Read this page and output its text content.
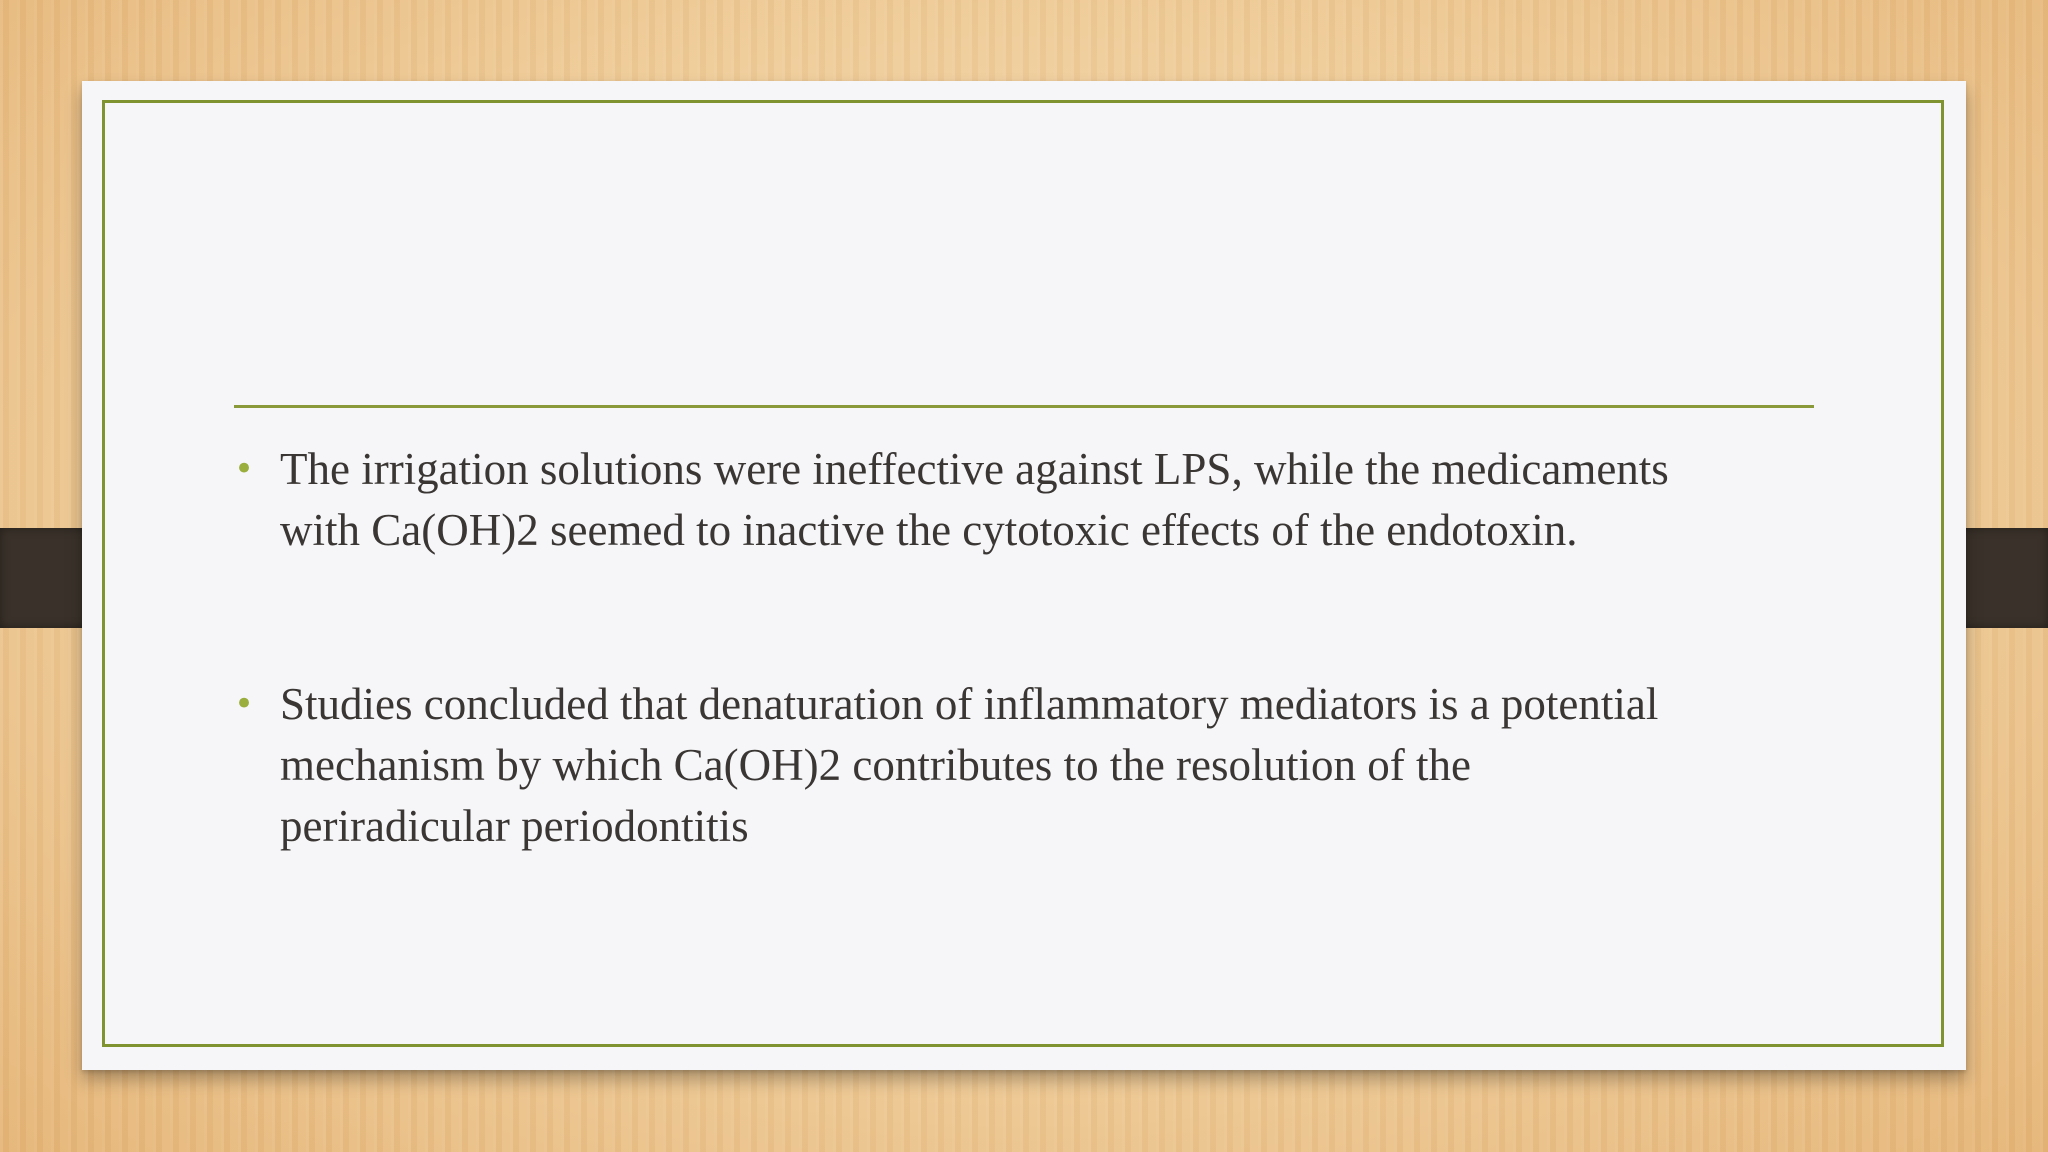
• The irrigation solutions were ineffective against LPS, while the medicaments
with Ca(OH)2 seemed to inactive the cytotoxic effects of the endotoxin.
• Studies concluded that denaturation of inflammatory mediators is a potential
mechanism by which Ca(OH)2 contributes to the resolution of the
periradicular periodontitis
